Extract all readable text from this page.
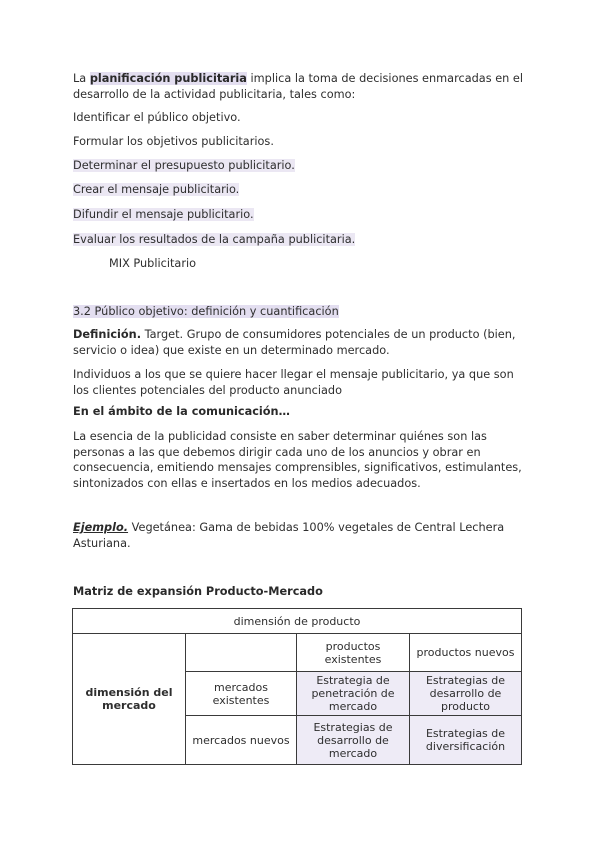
La planificación publicitaria implica la toma de decisiones enmarcadas en el desarrollo de la actividad publicitaria, tales como:

Identificar el público objetivo.

Formular los objetivos publicitarios.

Determinar el presupuesto publicitario.

Crear el mensaje publicitario.

Difundir el mensaje publicitario.

Evaluar los resultados de la campaña publicitaria.

MIX Publicitario

3.2 Público objetivo: definición y cuantificación

Definición. Target. Grupo de consumidores potenciales de un producto (bien, servicio o idea) que existe en un determinado mercado.

Individuos a los que se quiere hacer llegar el mensaje publicitario, ya que son los clientes potenciales del producto anunciado

En el ámbito de la comunicación…

La esencia de la publicidad consiste en saber determinar quiénes son las personas a las que debemos dirigir cada uno de los anuncios y obrar en consecuencia, emitiendo mensajes comprensibles, significativos, estimulantes, sintonizados con ellas e insertados en los medios adecuados.

Ejemplo. Vegetánea: Gama de bebidas 100% vegetales de Central Lechera Asturiana.

Matriz de expansión Producto-Mercado

dimensión de producto			
dimensión del mercado		productos existentes	productos nuevos
	mercados existentes	Estrategia de penetración de mercado	Estrategias de desarrollo de producto
	mercados nuevos	Estrategias de desarrollo de mercado	Estrategias de diversificación
